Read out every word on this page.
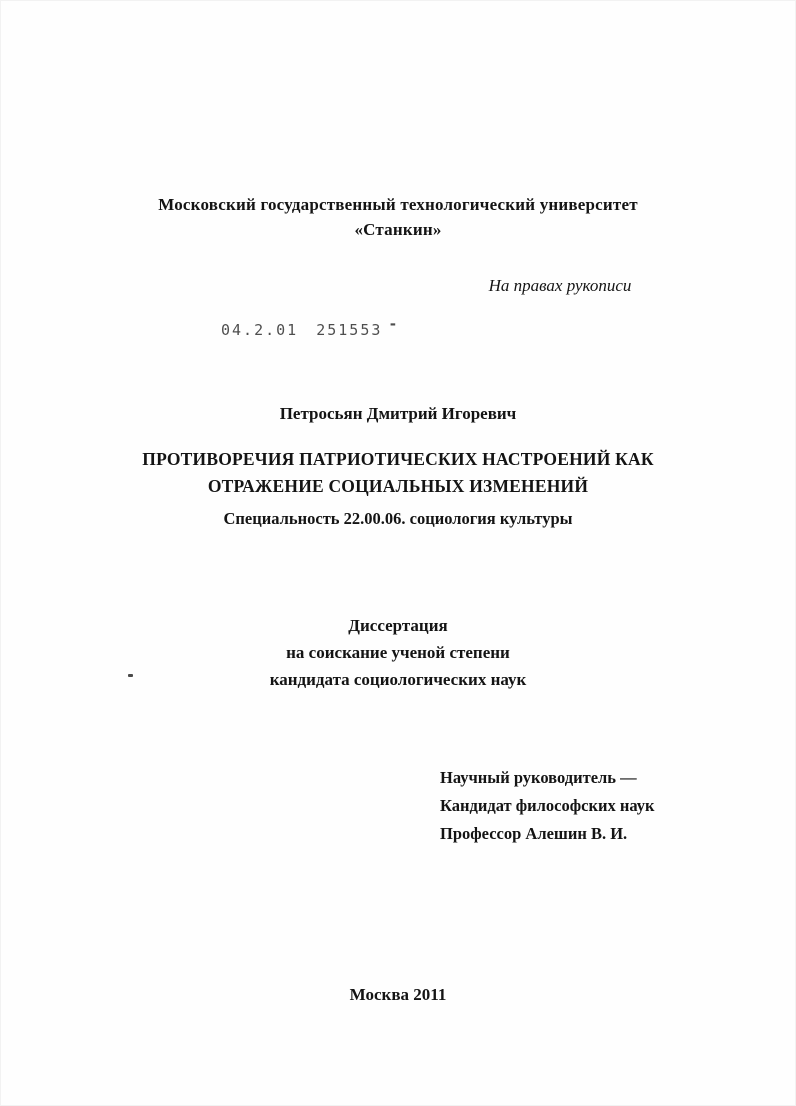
Московский государственный технологический университет
«Станкин»
На правах рукописи
04.2.01 251553 -
Петросьян Дмитрий Игоревич
ПРОТИВОРЕЧИЯ ПАТРИОТИЧЕСКИХ НАСТРОЕНИЙ КАК
ОТРАЖЕНИЕ СОЦИАЛЬНЫХ ИЗМЕНЕНИЙ
Специальность 22.00.06. социология культуры
Диссертация
на соискание ученой степени
кандидата социологических наук
Научный руководитель —
Кандидат философских наук
Профессор Алешин В. И.
Москва 2011
